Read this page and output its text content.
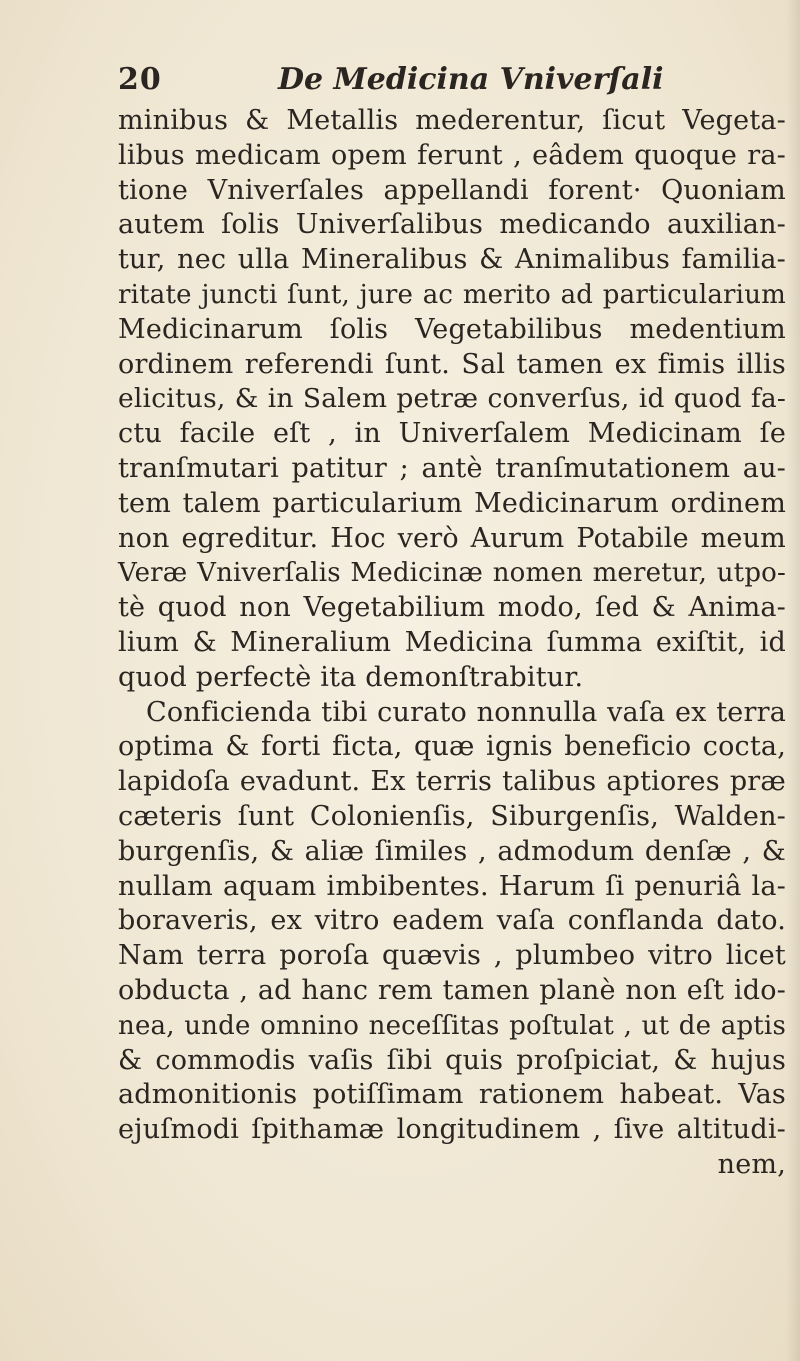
20	De Medicina Vniverſali
minibus & Metallis mederentur, ſicut Vegeta-
libus medicam opem ferunt , eâdem quoque ra-
tione Vniverſales appellandi forent· Quoniam
autem ſolis Univerſalibus medicando auxilian-
tur, nec ulla Mineralibus & Animalibus familia-
ritate juncti ſunt, jure ac merito ad particularium
Medicinarum ſolis Vegetabilibus medentium
ordinem referendi ſunt. Sal tamen ex fimis illis
elicitus, & in Salem petræ converſus, id quod fa-
ctu facile eſt , in Univerſalem Medicinam ſe
tranſmutari patitur ; antè tranſmutationem au-
tem talem particularium Medicinarum ordinem
non egreditur. Hoc verò Aurum Potabile meum
Veræ Vniverſalis Medicinæ nomen meretur, utpo-
tè quod non Vegetabilium modo, ſed & Anima-
lium & Mineralium Medicina ſumma exiſtit, id
quod perfectè ita demonſtrabitur.
Conficienda tibi curato nonnulla vaſa ex terra
optima & forti ficta, quæ ignis beneficio cocta,
lapidoſa evadunt. Ex terris talibus aptiores præ
cæteris ſunt Colonienſis, Siburgenſis, Walden-
burgenſis, & aliæ ſimiles , admodum denſæ , &
nullam aquam imbibentes. Harum ſi penuriâ la-
boraveris, ex vitro eadem vaſa conflanda dato.
Nam terra poroſa quævis , plumbeo vitro licet
obducta , ad hanc rem tamen planè non eſt ido-
nea, unde omnino neceſſitas poſtulat , ut de aptis
& commodis vaſis ſibi quis proſpiciat, & hujus
admonitionis potiſſimam rationem habeat. Vas
ejuſmodi ſpithamæ longitudinem , ſive altitudi-
nem,
